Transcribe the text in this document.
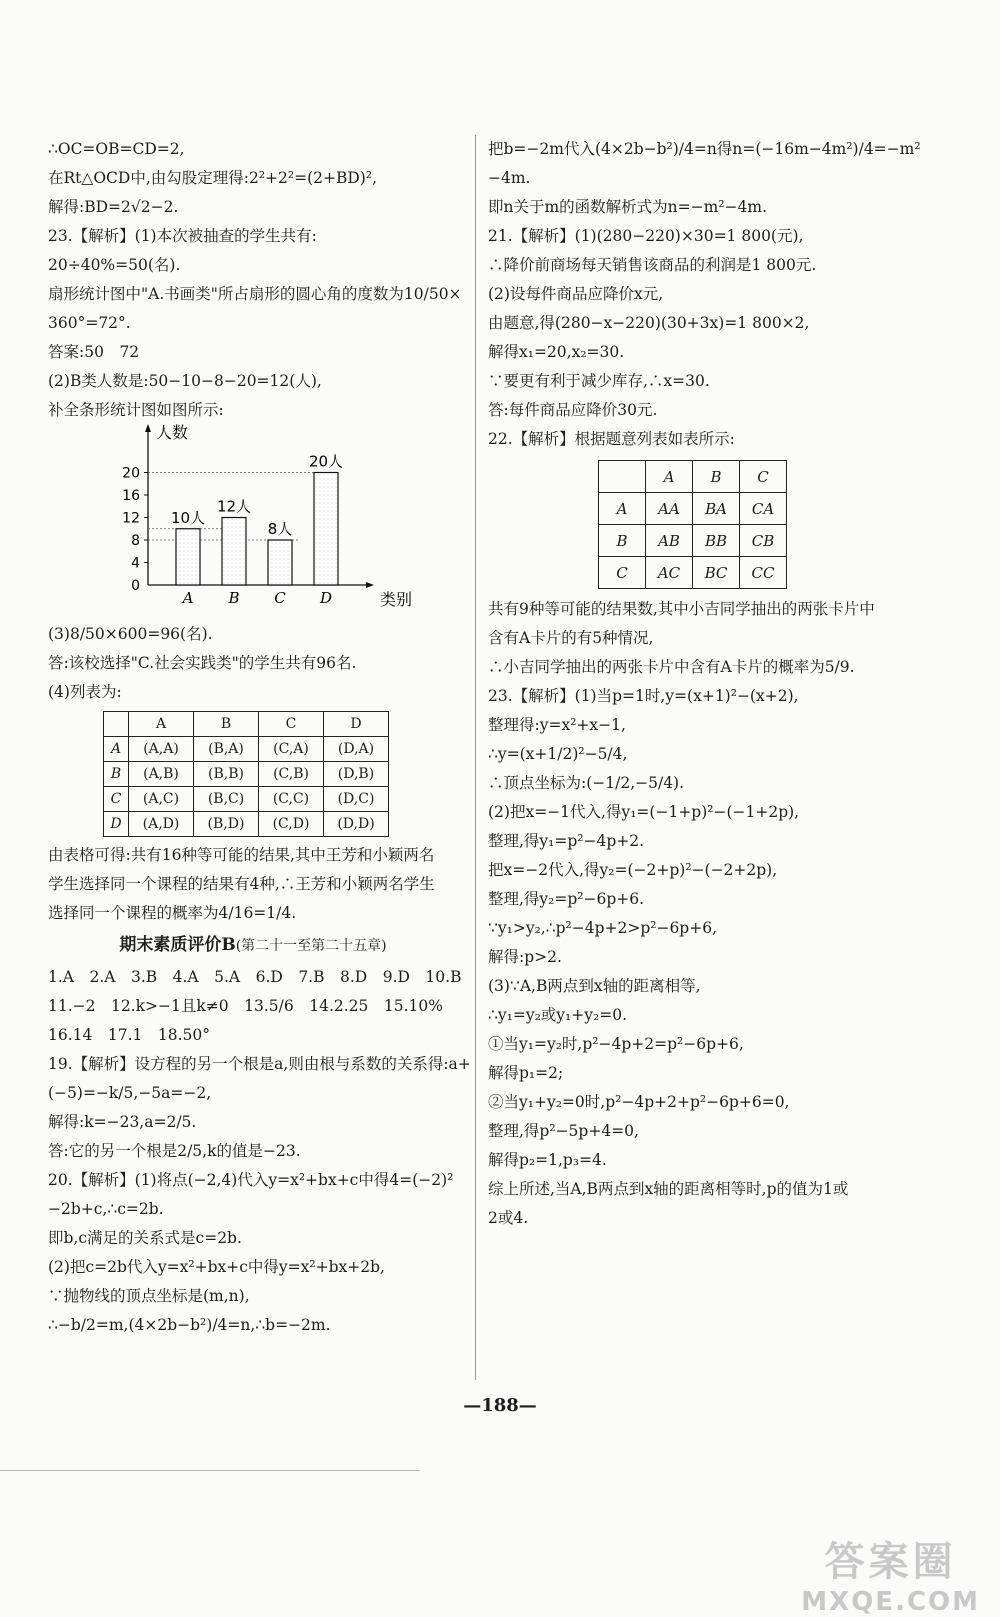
∴OC=OB=CD=2,
在Rt△OCD中,由勾股定理得:2²+2²=(2+BD)²,
解得:BD=2√2−2.
23.【解析】(1)本次被抽查的学生共有:
20÷40%=50(名).
扇形统计图中"A.书画类"所占扇形的圆心角的度数为10/50×
360°=72°.
答案:50　72
(2)B类人数是:50−10−8−20=12(人),
补全条形统计图如图所示:
人数
类别
0
4
8
12
16
20
10人
A
12人
B
8人
C
20人
D
(3)8/50×600=96(名).
答:该校选择"C.社会实践类"的学生共有96名.
(4)列表为:
	A	B	C	D
A	(A,A)	(B,A)	(C,A)	(D,A)
B	(A,B)	(B,B)	(C,B)	(D,B)
C	(A,C)	(B,C)	(C,C)	(D,C)
D	(A,D)	(B,D)	(C,D)	(D,D)
由表格可得:共有16种等可能的结果,其中王芳和小颖两名
学生选择同一个课程的结果有4种,∴王芳和小颖两名学生
选择同一个课程的概率为4/16=1/4.
期末素质评价B(第二十一至第二十五章)
1.A　2.A　3.B　4.A　5.A　6.D　7.B　8.D　9.D　10.B
11.−2　12.k>−1且k≠0　13.5/6　14.2.25　15.10%
16.14　17.1　18.50°
19.【解析】设方程的另一个根是a,则由根与系数的关系得:a+
(−5)=−k/5,−5a=−2,
解得:k=−23,a=2/5.
答:它的另一个根是2/5,k的值是−23.
20.【解析】(1)将点(−2,4)代入y=x²+bx+c中得4=(−2)²
−2b+c,∴c=2b.
即b,c满足的关系式是c=2b.
(2)把c=2b代入y=x²+bx+c中得y=x²+bx+2b,
∵抛物线的顶点坐标是(m,n),
∴−b/2=m,(4×2b−b²)/4=n,∴b=−2m.
把b=−2m代入(4×2b−b²)/4=n得n=(−16m−4m²)/4=−m²
−4m.
即n关于m的函数解析式为n=−m²−4m.
21.【解析】(1)(280−220)×30=1 800(元),
∴降价前商场每天销售该商品的利润是1 800元.
(2)设每件商品应降价x元,
由题意,得(280−x−220)(30+3x)=1 800×2,
解得x₁=20,x₂=30.
∵要更有利于减少库存,∴x=30.
答:每件商品应降价30元.
22.【解析】根据题意列表如表所示:
	A	B	C
A	AA	BA	CA
B	AB	BB	CB
C	AC	BC	CC
共有9种等可能的结果数,其中小吉同学抽出的两张卡片中
含有A卡片的有5种情况,
∴小吉同学抽出的两张卡片中含有A卡片的概率为5/9.
23.【解析】(1)当p=1时,y=(x+1)²−(x+2),
整理得:y=x²+x−1,
∴y=(x+1/2)²−5/4,
∴顶点坐标为:(−1/2,−5/4).
(2)把x=−1代入,得y₁=(−1+p)²−(−1+2p),
整理,得y₁=p²−4p+2.
把x=−2代入,得y₂=(−2+p)²−(−2+2p),
整理,得y₂=p²−6p+6.
∵y₁>y₂,∴p²−4p+2>p²−6p+6,
解得:p>2.
(3)∵A,B两点到x轴的距离相等,
∴y₁=y₂或y₁+y₂=0.
①当y₁=y₂时,p²−4p+2=p²−6p+6,
解得p₁=2;
②当y₁+y₂=0时,p²−4p+2+p²−6p+6=0,
整理,得p²−5p+4=0,
解得p₂=1,p₃=4.
综上所述,当A,B两点到x轴的距离相等时,p的值为1或
2或4.
—188—
答案圈
MXQE.COM
